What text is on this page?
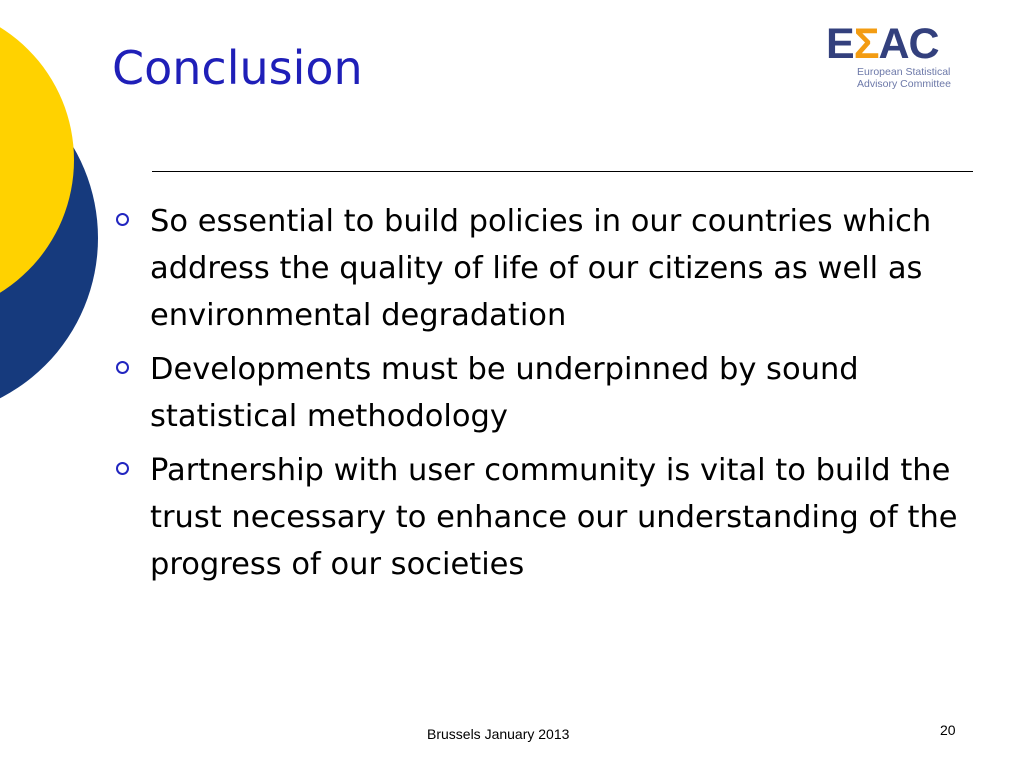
Conclusion	EΣAC
European Statistical
Advisory Committee
So essential to build policies in our countries which address the quality of life of our citizens as well as environmental degradation
Developments must be underpinned by sound statistical methodology
Partnership with user community is vital to build the trust necessary to enhance our understanding of the progress of our societies
Brussels January 2013	20
